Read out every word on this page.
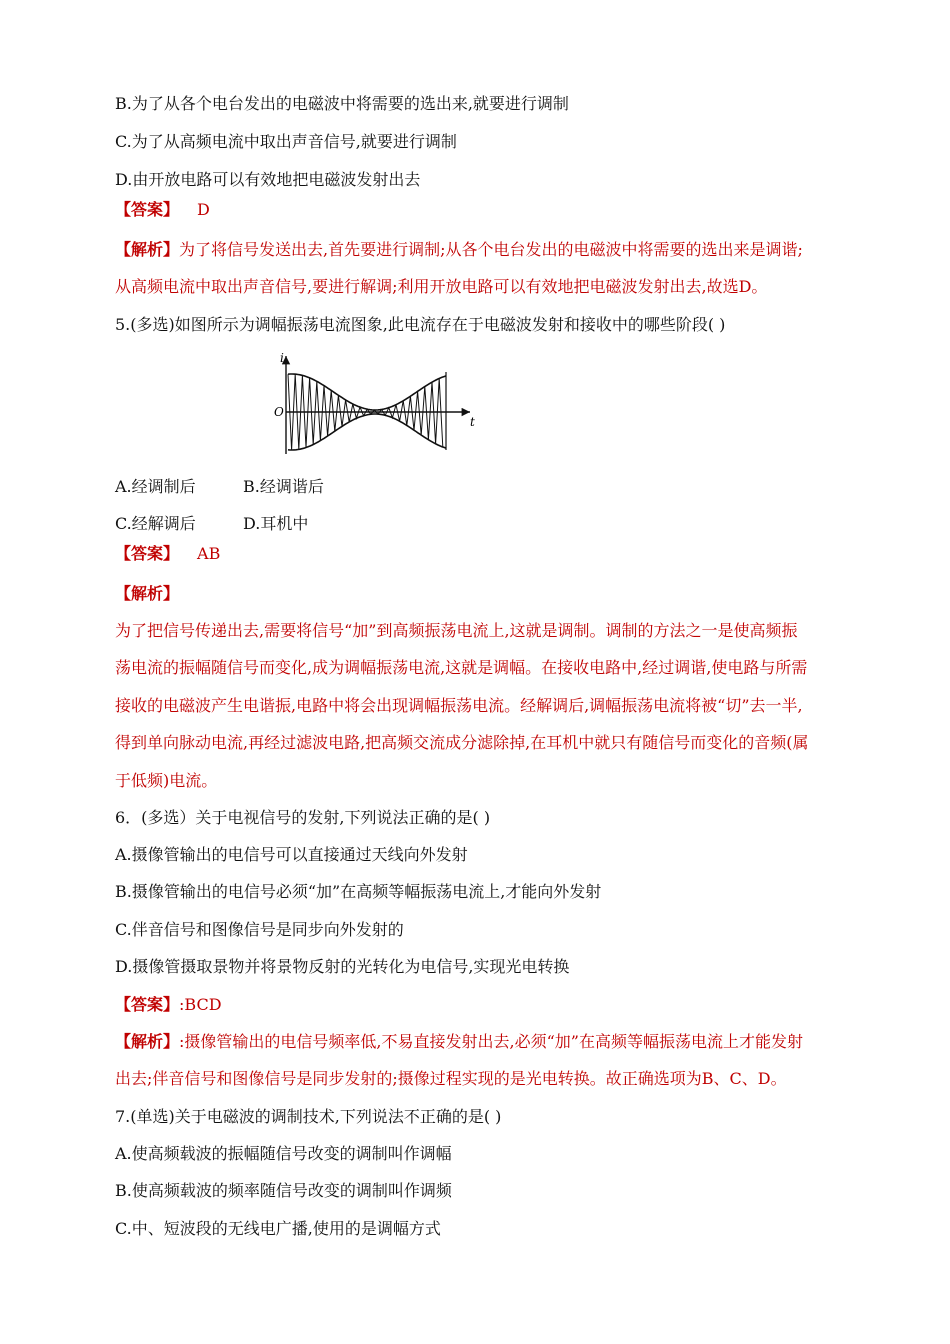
B.为了从各个电台发出的电磁波中将需要的选出来,就要进行调制
C.为了从高频电流中取出声音信号,就要进行调制
D.由开放电路可以有效地把电磁波发射出去
【答案】 D
【解析】为了将信号发送出去,首先要进行调制;从各个电台发出的电磁波中将需要的选出来是调谐;
从高频电流中取出声音信号,要进行解调;利用开放电路可以有效地把电磁波发射出去,故选D。
5.(多选)如图所示为调幅振荡电流图象,此电流存在于电磁波发射和接收中的哪些阶段( )
i
t
O
A.经调制后	B.经调谐后
C.经解调后	D.耳机中
【答案】 AB
【解析】
为了把信号传递出去,需要将信号“加”到高频振荡电流上,这就是调制。调制的方法之一是使高频振
荡电流的振幅随信号而变化,成为调幅振荡电流,这就是调幅。在接收电路中,经过调谐,使电路与所需
接收的电磁波产生电谐振,电路中将会出现调幅振荡电流。经解调后,调幅振荡电流将被“切”去一半,
得到单向脉动电流,再经过滤波电路,把高频交流成分滤除掉,在耳机中就只有随信号而变化的音频(属
于低频)电流。
6．(多选）关于电视信号的发射,下列说法正确的是( )
A.摄像管输出的电信号可以直接通过天线向外发射
B.摄像管输出的电信号必须“加”在高频等幅振荡电流上,才能向外发射
C.伴音信号和图像信号是同步向外发射的
D.摄像管摄取景物并将景物反射的光转化为电信号,实现光电转换
【答案】:BCD
【解析】:摄像管输出的电信号频率低,不易直接发射出去,必须“加”在高频等幅振荡电流上才能发射
出去;伴音信号和图像信号是同步发射的;摄像过程实现的是光电转换。故正确选项为B、C、D。
7.(单选)关于电磁波的调制技术,下列说法不正确的是( )
A.使高频载波的振幅随信号改变的调制叫作调幅
B.使高频载波的频率随信号改变的调制叫作调频
C.中、短波段的无线电广播,使用的是调幅方式
